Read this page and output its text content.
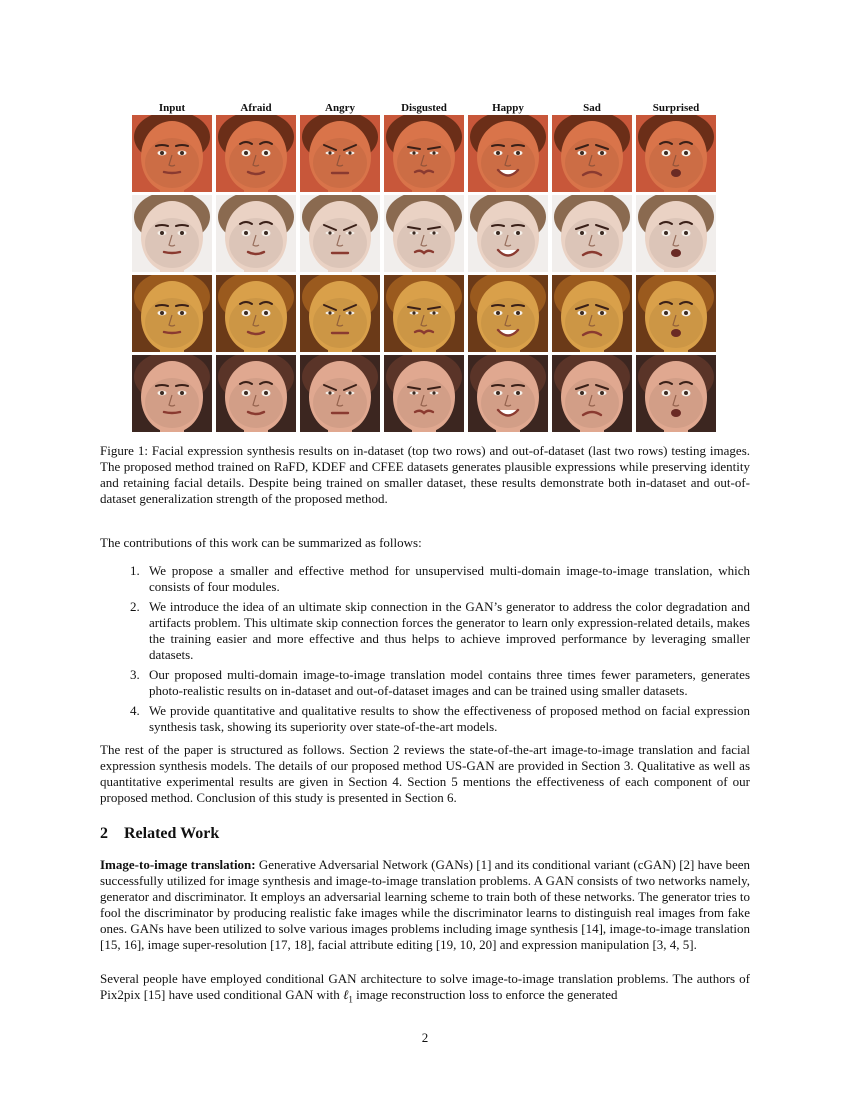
Input	Afraid	Angry	Disgusted	Happy	Sad	Surprised

Figure 1: Facial expression synthesis results on in-dataset (top two rows) and out-of-dataset (last two rows) testing images. The proposed method trained on RaFD, KDEF and CFEE datasets generates plausible expressions while preserving identity and retaining facial details. Despite being trained on smaller dataset, these results demonstrate both in-dataset and out-of-dataset generalization strength of the proposed method.

The contributions of this work can be summarized as follows:

1. We propose a smaller and effective method for unsupervised multi-domain image-to-image translation, which consists of four modules.
2. We introduce the idea of an ultimate skip connection in the GAN’s generator to address the color degradation and artifacts problem. This ultimate skip connection forces the generator to learn only expression-related details, makes the training easier and more effective and thus helps to achieve improved performance by leveraging smaller datasets.
3. Our proposed multi-domain image-to-image translation model contains three times fewer parameters, generates photo-realistic results on in-dataset and out-of-dataset images and can be trained using smaller datasets.
4. We provide quantitative and qualitative results to show the effectiveness of proposed method on facial expression synthesis task, showing its superiority over state-of-the-art models.

The rest of the paper is structured as follows. Section 2 reviews the state-of-the-art image-to-image translation and facial expression synthesis models. The details of our proposed method US-GAN are provided in Section 3. Qualitative as well as quantitative experimental results are given in Section 4. Section 5 mentions the effectiveness of each component of our proposed method. Conclusion of this study is presented in Section 6.

2 Related Work

Image-to-image translation: Generative Adversarial Network (GANs) [1] and its conditional variant (cGAN) [2] have been successfully utilized for image synthesis and image-to-image translation problems. A GAN consists of two networks namely, generator and discriminator. It employs an adversarial learning scheme to train both of these networks. The generator tries to fool the discriminator by producing realistic fake images while the discriminator learns to distinguish real images from fake ones. GANs have been utilized to solve various images problems including image synthesis [14], image-to-image translation [15, 16], image super-resolution [17, 18], facial attribute editing [19, 10, 20] and expression manipulation [3, 4, 5].

Several people have employed conditional GAN architecture to solve image-to-image translation problems. The authors of Pix2pix [15] have used conditional GAN with ℓ$_1$ image reconstruction loss to enforce the generated

2
